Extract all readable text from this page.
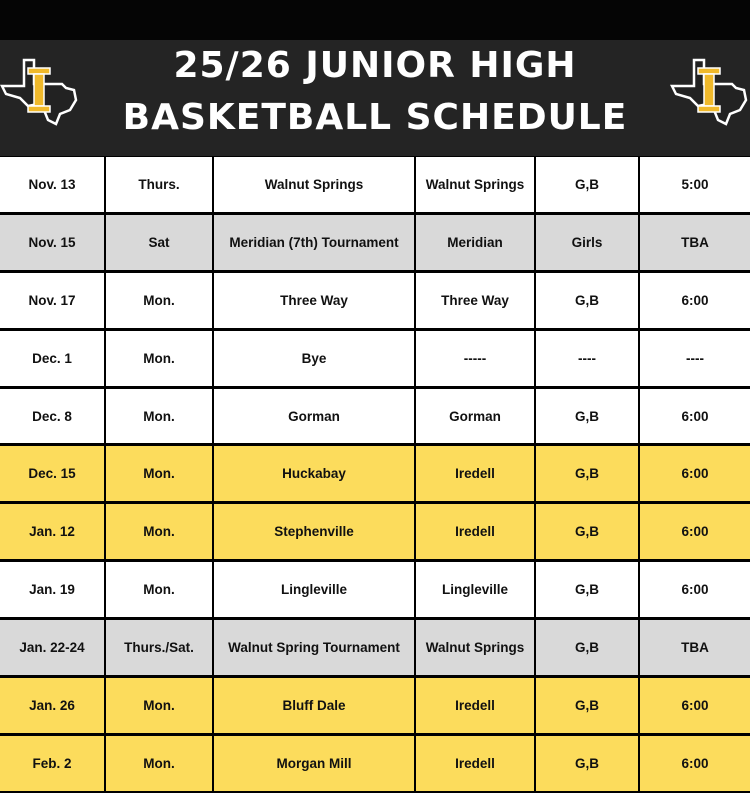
25/26 JUNIOR HIGH
BASKETBALL SCHEDULE
Nov. 13	Thurs.	Walnut Springs	Walnut Springs	G,B	5:00
Nov. 15	Sat	Meridian (7th) Tournament	Meridian	Girls	TBA
Nov. 17	Mon.	Three Way	Three Way	G,B	6:00
Dec. 1	Mon.	Bye	-----	----	----
Dec. 8	Mon.	Gorman	Gorman	G,B	6:00
Dec. 15	Mon.	Huckabay	Iredell	G,B	6:00
Jan. 12	Mon.	Stephenville	Iredell	G,B	6:00
Jan. 19	Mon.	Lingleville	Lingleville	G,B	6:00
Jan. 22-24	Thurs./Sat.	Walnut Spring Tournament	Walnut Springs	G,B	TBA
Jan. 26	Mon.	Bluff Dale	Iredell	G,B	6:00
Feb. 2	Mon.	Morgan Mill	Iredell	G,B	6:00
